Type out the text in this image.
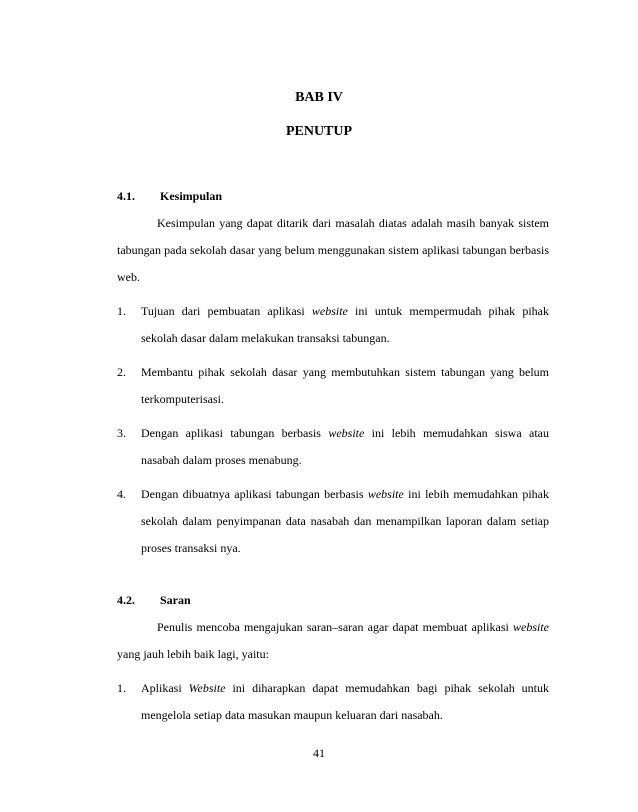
BAB IV
PENUTUP
4.1. Kesimpulan

Kesimpulan yang dapat ditarik dari masalah diatas adalah masih banyak sistem tabungan pada sekolah dasar yang belum menggunakan sistem aplikasi tabungan berbasis web.

1. Tujuan dari pembuatan aplikasi website ini untuk mempermudah pihak pihak sekolah dasar dalam melakukan transaksi tabungan.
2. Membantu pihak sekolah dasar yang membutuhkan sistem tabungan yang belum terkomputerisasi.
3. Dengan aplikasi tabungan berbasis website ini lebih memudahkan siswa atau nasabah dalam proses menabung.
4. Dengan dibuatnya aplikasi tabungan berbasis website ini lebih memudahkan pihak sekolah dalam penyimpanan data nasabah dan menampilkan laporan dalam setiap proses transaksi nya.
4.2. Saran

Penulis mencoba mengajukan saran–saran agar dapat membuat aplikasi website yang jauh lebih baik lagi, yaitu:

1. Aplikasi Website ini diharapkan dapat memudahkan bagi pihak sekolah untuk mengelola setiap data masukan maupun keluaran dari nasabah.
41
